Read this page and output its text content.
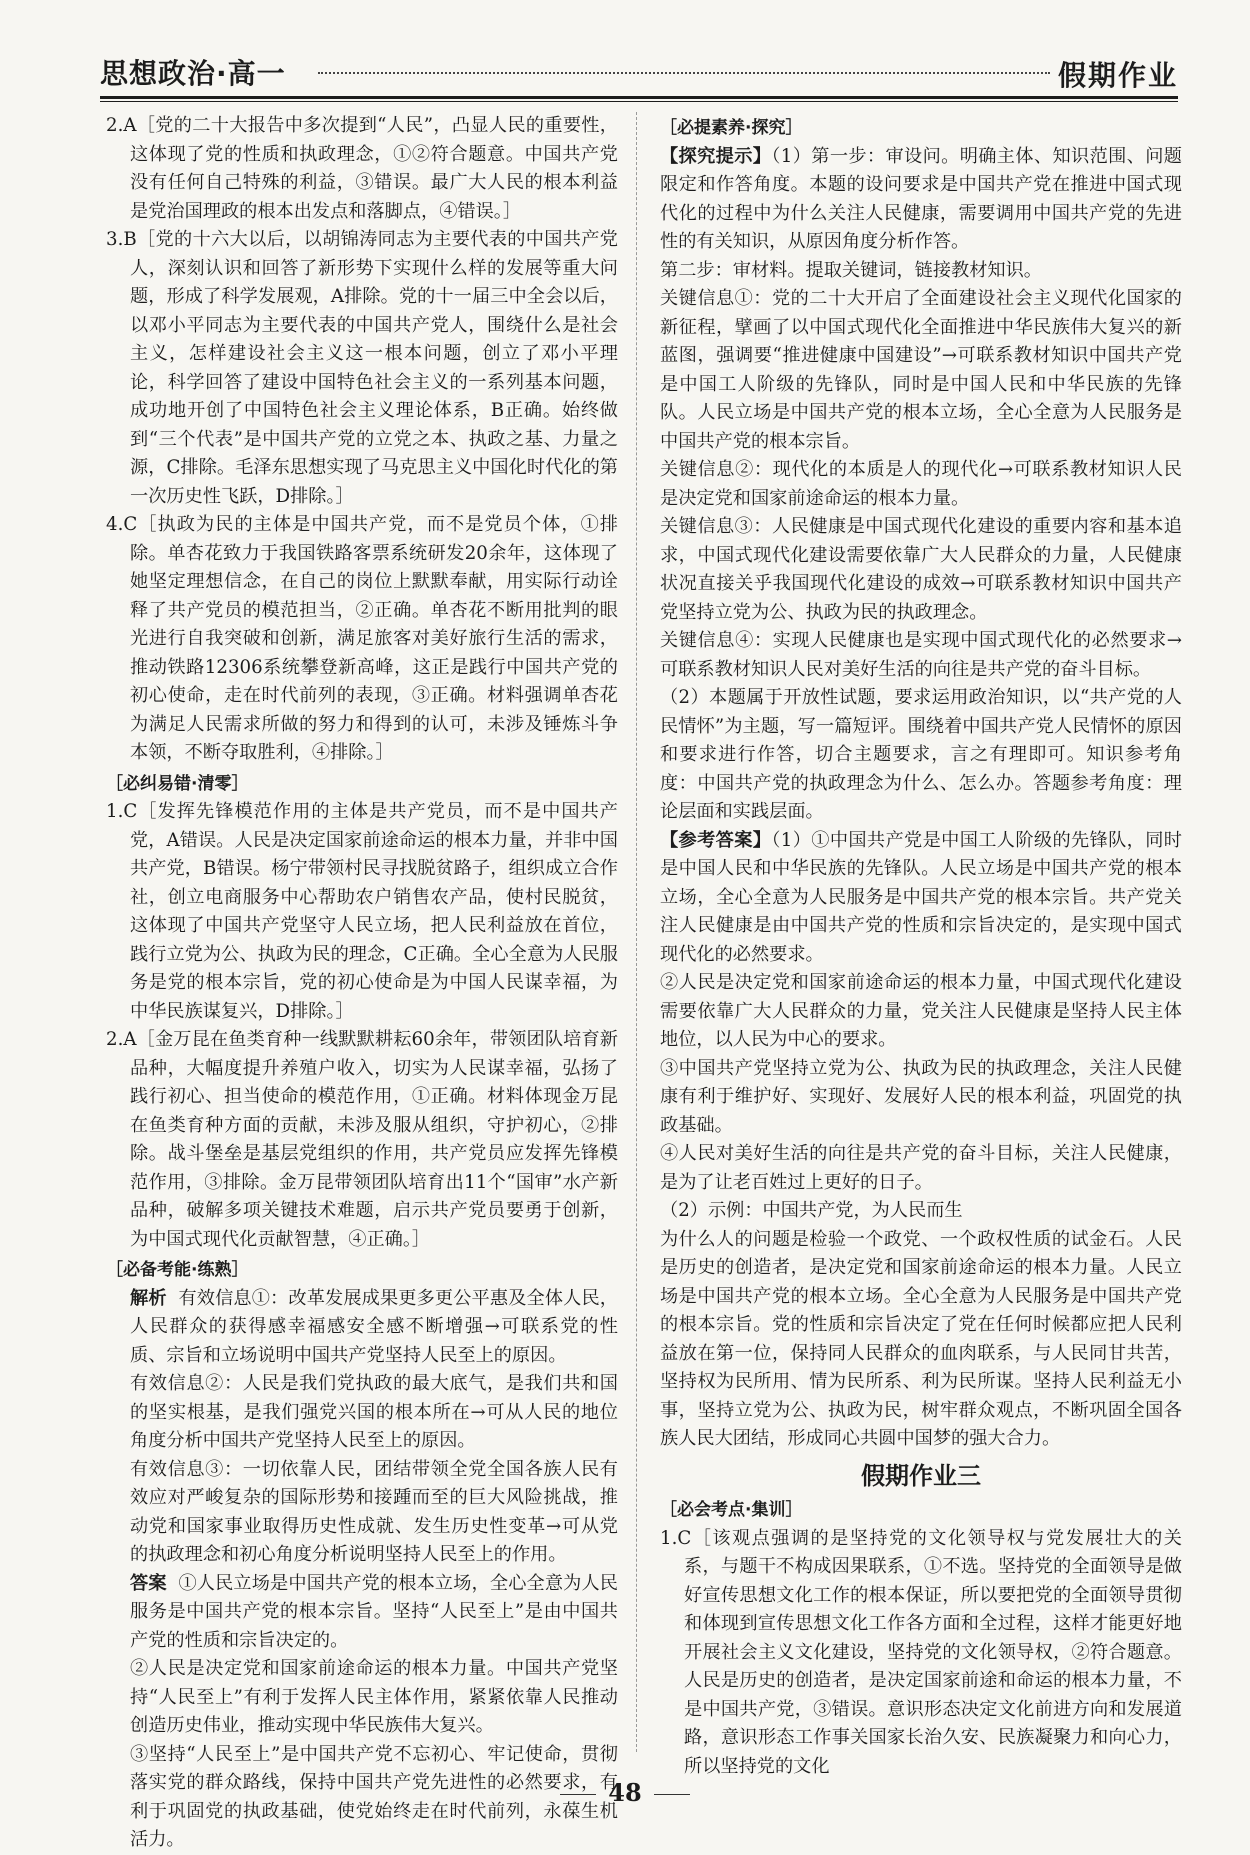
思想政治·高一	假期作业

2.A［党的二十大报告中多次提到“人民”，凸显人民的重要性，这体现了党的性质和执政理念，①②符合题意。中国共产党没有任何自己特殊的利益，③错误。最广大人民的根本利益是党治国理政的根本出发点和落脚点，④错误。］

3.B［党的十六大以后，以胡锦涛同志为主要代表的中国共产党人，深刻认识和回答了新形势下实现什么样的发展等重大问题，形成了科学发展观，A排除。党的十一届三中全会以后，以邓小平同志为主要代表的中国共产党人，围绕什么是社会主义，怎样建设社会主义这一根本问题，创立了邓小平理论，科学回答了建设中国特色社会主义的一系列基本问题，成功地开创了中国特色社会主义理论体系，B正确。始终做到“三个代表”是中国共产党的立党之本、执政之基、力量之源，C排除。毛泽东思想实现了马克思主义中国化时代化的第一次历史性飞跃，D排除。］

4.C［执政为民的主体是中国共产党，而不是党员个体，①排除。单杏花致力于我国铁路客票系统研发20余年，这体现了她坚定理想信念，在自己的岗位上默默奉献，用实际行动诠释了共产党员的模范担当，②正确。单杏花不断用批判的眼光进行自我突破和创新，满足旅客对美好旅行生活的需求，推动铁路12306系统攀登新高峰，这正是践行中国共产党的初心使命，走在时代前列的表现，③正确。材料强调单杏花为满足人民需求所做的努力和得到的认可，未涉及锤炼斗争本领，不断夺取胜利，④排除。］

［必纠易错·清零］

1.C［发挥先锋模范作用的主体是共产党员，而不是中国共产党，A错误。人民是决定国家前途命运的根本力量，并非中国共产党，B错误。杨宁带领村民寻找脱贫路子，组织成立合作社，创立电商服务中心帮助农户销售农产品，使村民脱贫，这体现了中国共产党坚守人民立场，把人民利益放在首位，践行立党为公、执政为民的理念，C正确。全心全意为人民服务是党的根本宗旨，党的初心使命是为中国人民谋幸福，为中华民族谋复兴，D排除。］

2.A［金万昆在鱼类育种一线默默耕耘60余年，带领团队培育新品种，大幅度提升养殖户收入，切实为人民谋幸福，弘扬了践行初心、担当使命的模范作用，①正确。材料体现金万昆在鱼类育种方面的贡献，未涉及服从组织，守护初心，②排除。战斗堡垒是基层党组织的作用，共产党员应发挥先锋模范作用，③排除。金万昆带领团队培育出11个“国审”水产新品种，破解多项关键技术难题，启示共产党员要勇于创新，为中国式现代化贡献智慧，④正确。］

［必备考能·练熟］

解析 有效信息①：改革发展成果更多更公平惠及全体人民，人民群众的获得感幸福感安全感不断增强→可联系党的性质、宗旨和立场说明中国共产党坚持人民至上的原因。

有效信息②：人民是我们党执政的最大底气，是我们共和国的坚实根基，是我们强党兴国的根本所在→可从人民的地位角度分析中国共产党坚持人民至上的原因。

有效信息③：一切依靠人民，团结带领全党全国各族人民有效应对严峻复杂的国际形势和接踵而至的巨大风险挑战，推动党和国家事业取得历史性成就、发生历史性变革→可从党的执政理念和初心角度分析说明坚持人民至上的作用。

答案 ①人民立场是中国共产党的根本立场，全心全意为人民服务是中国共产党的根本宗旨。坚持“人民至上”是由中国共产党的性质和宗旨决定的。

②人民是决定党和国家前途命运的根本力量。中国共产党坚持“人民至上”有利于发挥人民主体作用，紧紧依靠人民推动创造历史伟业，推动实现中华民族伟大复兴。

③坚持“人民至上”是中国共产党不忘初心、牢记使命，贯彻落实党的群众路线，保持中国共产党先进性的必然要求，有利于巩固党的执政基础，使党始终走在时代前列，永葆生机活力。

［必提素养·探究］

【探究提示】（1）第一步：审设问。明确主体、知识范围、问题限定和作答角度。本题的设问要求是中国共产党在推进中国式现代化的过程中为什么关注人民健康，需要调用中国共产党的先进性的有关知识，从原因角度分析作答。

第二步：审材料。提取关键词，链接教材知识。

关键信息①：党的二十大开启了全面建设社会主义现代化国家的新征程，擘画了以中国式现代化全面推进中华民族伟大复兴的新蓝图，强调要“推进健康中国建设”→可联系教材知识中国共产党是中国工人阶级的先锋队，同时是中国人民和中华民族的先锋队。人民立场是中国共产党的根本立场，全心全意为人民服务是中国共产党的根本宗旨。

关键信息②：现代化的本质是人的现代化→可联系教材知识人民是决定党和国家前途命运的根本力量。

关键信息③：人民健康是中国式现代化建设的重要内容和基本追求，中国式现代化建设需要依靠广大人民群众的力量，人民健康状况直接关乎我国现代化建设的成效→可联系教材知识中国共产党坚持立党为公、执政为民的执政理念。

关键信息④：实现人民健康也是实现中国式现代化的必然要求→可联系教材知识人民对美好生活的向往是共产党的奋斗目标。

（2）本题属于开放性试题，要求运用政治知识，以“共产党的人民情怀”为主题，写一篇短评。围绕着中国共产党人民情怀的原因和要求进行作答，切合主题要求，言之有理即可。知识参考角度：中国共产党的执政理念为什么、怎么办。答题参考角度：理论层面和实践层面。

【参考答案】（1）①中国共产党是中国工人阶级的先锋队，同时是中国人民和中华民族的先锋队。人民立场是中国共产党的根本立场，全心全意为人民服务是中国共产党的根本宗旨。共产党关注人民健康是由中国共产党的性质和宗旨决定的，是实现中国式现代化的必然要求。

②人民是决定党和国家前途命运的根本力量，中国式现代化建设需要依靠广大人民群众的力量，党关注人民健康是坚持人民主体地位，以人民为中心的要求。

③中国共产党坚持立党为公、执政为民的执政理念，关注人民健康有利于维护好、实现好、发展好人民的根本利益，巩固党的执政基础。

④人民对美好生活的向往是共产党的奋斗目标，关注人民健康，是为了让老百姓过上更好的日子。

（2）示例：中国共产党，为人民而生

为什么人的问题是检验一个政党、一个政权性质的试金石。人民是历史的创造者，是决定党和国家前途命运的根本力量。人民立场是中国共产党的根本立场。全心全意为人民服务是中国共产党的根本宗旨。党的性质和宗旨决定了党在任何时候都应把人民利益放在第一位，保持同人民群众的血肉联系，与人民同甘共苦，坚持权为民所用、情为民所系、利为民所谋。坚持人民利益无小事，坚持立党为公、执政为民，树牢群众观点，不断巩固全国各族人民大团结，形成同心共圆中国梦的强大合力。

假期作业三
［必会考点·集训］

1.C［该观点强调的是坚持党的文化领导权与党发展壮大的关系，与题干不构成因果联系，①不选。坚持党的全面领导是做好宣传思想文化工作的根本保证，所以要把党的全面领导贯彻和体现到宣传思想文化工作各方面和全过程，这样才能更好地开展社会主义文化建设，坚持党的文化领导权，②符合题意。人民是历史的创造者，是决定国家前途和命运的根本力量，不是中国共产党，③错误。意识形态决定文化前进方向和发展道路，意识形态工作事关国家长治久安、民族凝聚力和向心力，所以坚持党的文化

48
